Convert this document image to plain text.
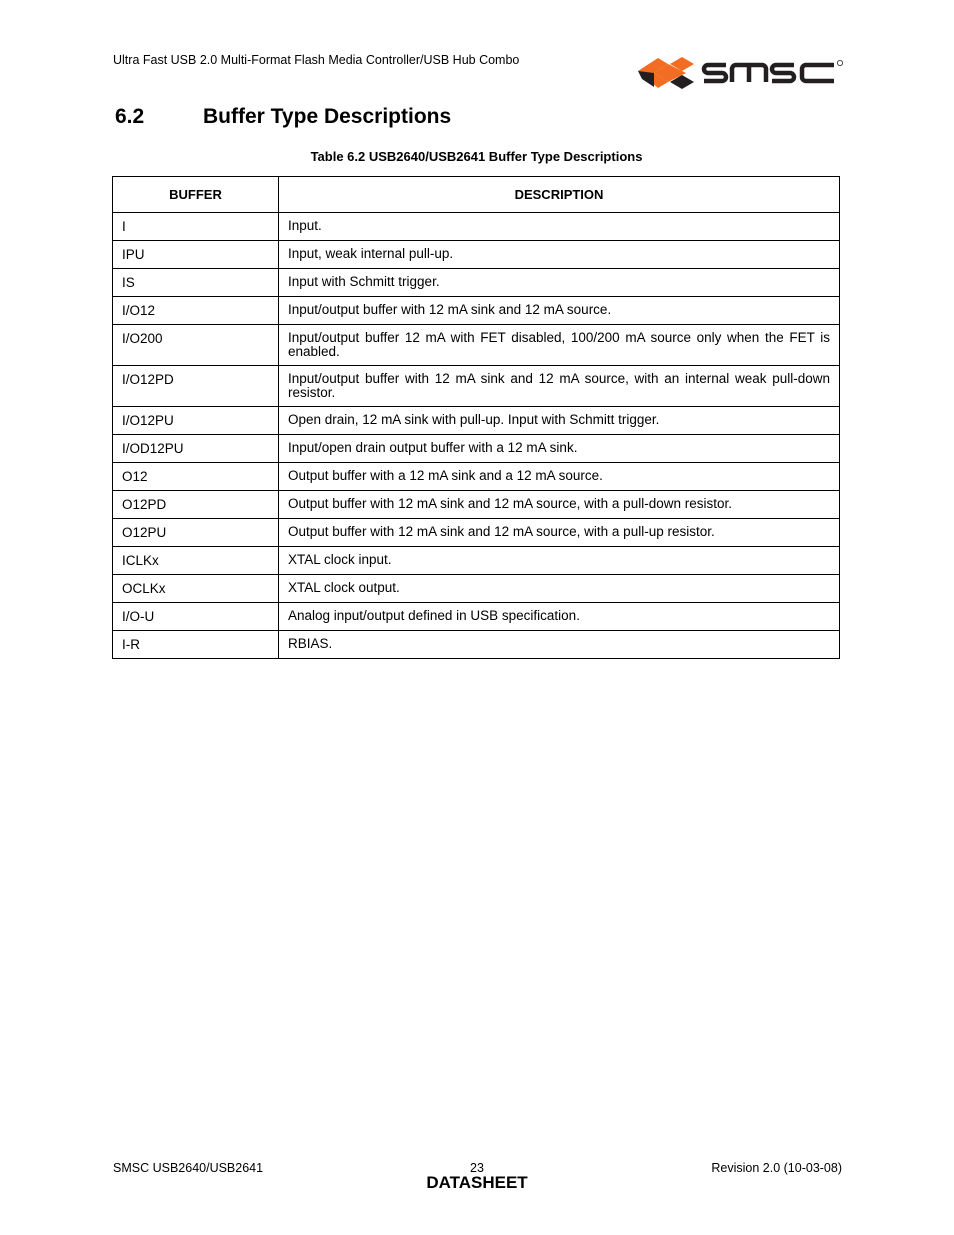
Ultra Fast USB 2.0 Multi-Format Flash Media Controller/USB Hub Combo
6.2	Buffer Type Descriptions
Table 6.2 USB2640/USB2641 Buffer Type Descriptions
BUFFER	DESCRIPTION
I	Input.
IPU	Input, weak internal pull-up.
IS	Input with Schmitt trigger.
I/O12	Input/output buffer with 12 mA sink and 12 mA source.
I/O200	Input/output buffer 12 mA with FET disabled, 100/200 mA source only when the FET is enabled.
I/O12PD	Input/output buffer with 12 mA sink and 12 mA source, with an internal weak pull-down resistor.
I/O12PU	Open drain, 12 mA sink with pull-up. Input with Schmitt trigger.
I/OD12PU	Input/open drain output buffer with a 12 mA sink.
O12	Output buffer with a 12 mA sink and a 12 mA source.
O12PD	Output buffer with 12 mA sink and 12 mA source, with a pull-down resistor.
O12PU	Output buffer with 12 mA sink and 12 mA source, with a pull-up resistor.
ICLKx	XTAL clock input.
OCLKx	XTAL clock output.
I/O-U	Analog input/output defined in USB specification.
I-R	RBIAS.
SMSC USB2640/USB2641	23
DATASHEET
Revision 2.0 (10-03-08)
